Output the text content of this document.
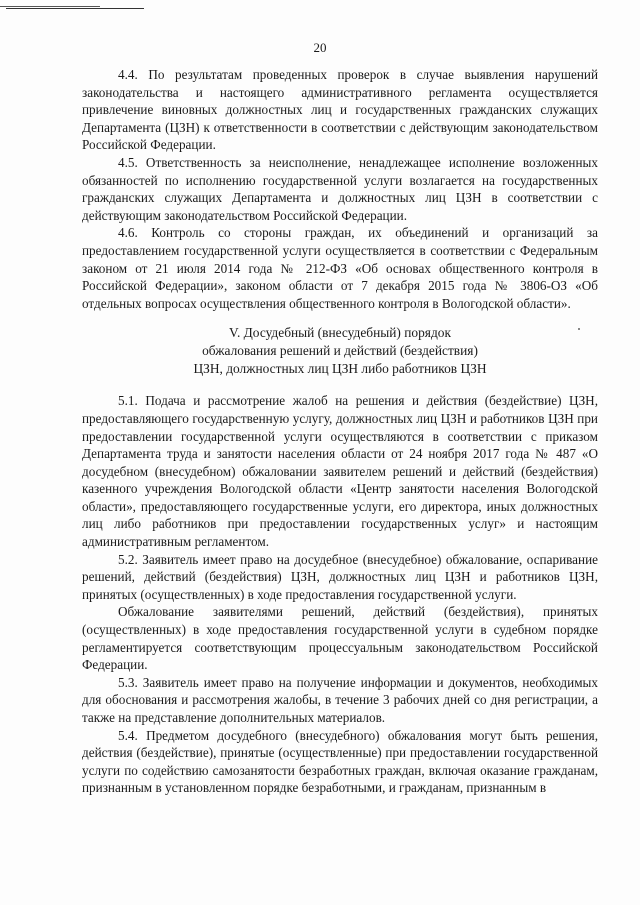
20

4.4. По результатам проведенных проверок в случае выявления нарушений законодательства и настоящего административного регламента осуществляется привлечение виновных должностных лиц и государственных гражданских служащих Департамента (ЦЗН) к ответственности в соответствии с действующим законодательством Российской Федерации.

4.5. Ответственность за неисполнение, ненадлежащее исполнение возложенных обязанностей по исполнению государственной услуги возлагается на государственных гражданских служащих Департамента и должностных лиц ЦЗН в соответствии с действующим законодательством Российской Федерации.

4.6. Контроль со стороны граждан, их объединений и организаций за предоставлением государственной услуги осуществляется в соответствии с Федеральным законом от 21 июля 2014 года № 212-ФЗ «Об основах общественного контроля в Российской Федерации», законом области от 7 декабря 2015 года № 3806-ОЗ «Об отдельных вопросах осуществления общественного контроля в Вологодской области».

V. Досудебный (внесудебный) порядок
обжалования решений и действий (бездействия)
ЦЗН, должностных лиц ЦЗН либо работников ЦЗН

5.1. Подача и рассмотрение жалоб на решения и действия (бездействие) ЦЗН, предоставляющего государственную услугу, должностных лиц ЦЗН и работников ЦЗН при предоставлении государственной услуги осуществляются в соответствии с приказом Департамента труда и занятости населения области от 24 ноября 2017 года № 487 «О досудебном (внесудебном) обжаловании заявителем решений и действий (бездействия) казенного учреждения Вологодской области «Центр занятости населения Вологодской области», предоставляющего государственные услуги, его директора, иных должностных лиц либо работников при предоставлении государственных услуг» и настоящим административным регламентом.

5.2. Заявитель имеет право на досудебное (внесудебное) обжалование, оспаривание решений, действий (бездействия) ЦЗН, должностных лиц ЦЗН и работников ЦЗН, принятых (осуществленных) в ходе предоставления государственной услуги.

Обжалование заявителями решений, действий (бездействия), принятых (осуществленных) в ходе предоставления государственной услуги в судебном порядке регламентируется соответствующим процессуальным законодательством Российской Федерации.

5.3. Заявитель имеет право на получение информации и документов, необходимых для обоснования и рассмотрения жалобы, в течение 3 рабочих дней со дня регистрации, а также на представление дополнительных материалов.

5.4. Предметом досудебного (внесудебного) обжалования могут быть решения, действия (бездействие), принятые (осуществленные) при предоставлении государственной услуги по содействию самозанятости безработных граждан, включая оказание гражданам, признанным в установленном порядке безработными, и гражданам, признанным в
